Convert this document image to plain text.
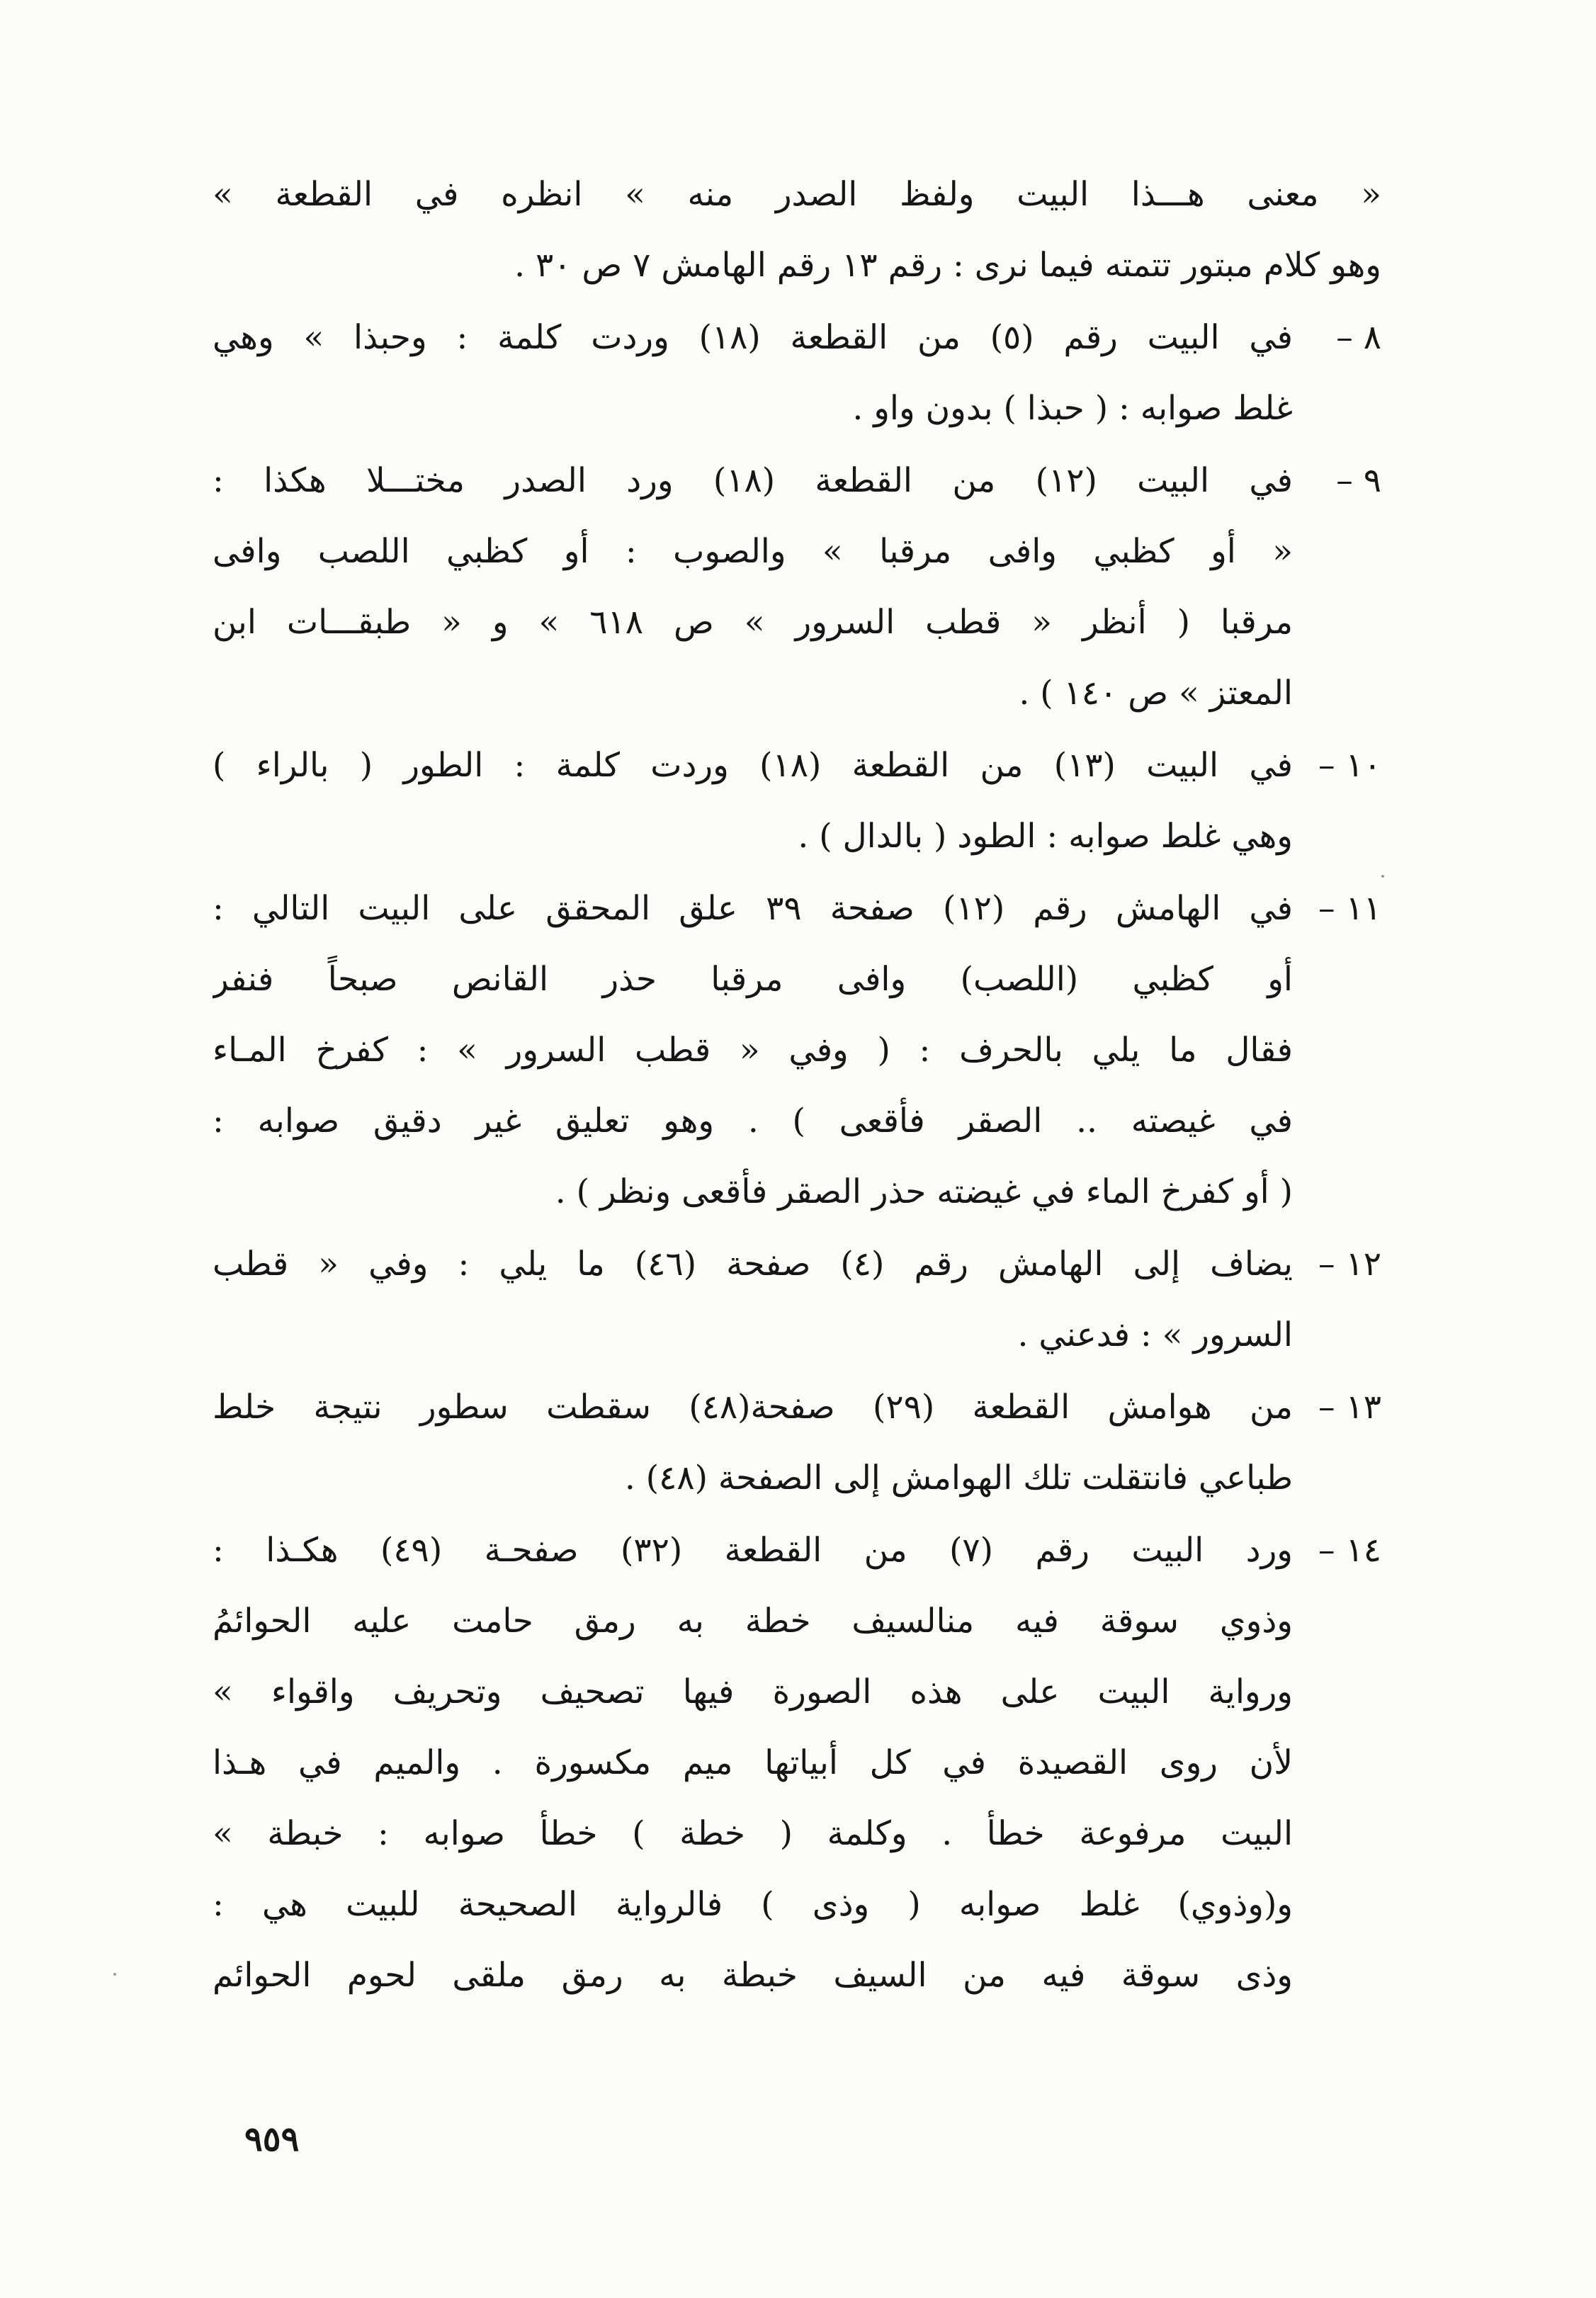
« معنى هـــذا البيت ولفظ الصدر منه » انظره في القطعة »
وهو كلام مبتور تتمته فيما نرى : رقم ١٣ رقم الهامش ٧ ص ٣٠ .
٨ –
في البيت رقم (٥) من القطعة (١٨) وردت كلمة : وحبذا » وهي
غلط صوابه : ( حبذا ) بدون واو .
٩ –
في البيت (١٢) من القطعة (١٨) ورد الصدر مختـــلا هكذا :
« أو كظبي وافى مرقبا » والصوب : أو كظبي اللصب وافى
مرقبا ( أنظر « قطب السرور » ص ٦١٨ » و « طبقـــات ابن
المعتز » ص ١٤٠ ) .
١٠ –
في البيت (١٣) من القطعة (١٨) وردت كلمة : الطور ( بالراء )
وهي غلط صوابه : الطود ( بالدال ) .
١١ –
في الهامش رقم (١٢) صفحة ٣٩ علق المحقق على البيت التالي :
أو كظبي (اللصب) وافى مرقبا حذر القانص صبحاً فنفر
فقال ما يلي بالحرف : ( وفي « قطب السرور » : كفرخ المـاء
في غيصته .. الصقر فأقعى ) . وهو تعليق غير دقيق صوابه :
( أو كفرخ الماء في غيضته حذر الصقر فأقعى ونظر ) .
١٢ –
يضاف إلى الهامش رقم (٤) صفحة (٤٦) ما يلي : وفي « قطب
السرور » : فدعني .
١٣ –
من هوامش القطعة (٢٩) صفحة(٤٨) سقطت سطور نتيجة خلط
طباعي فانتقلت تلك الهوامش إلى الصفحة (٤٨) .
١٤ –
ورد البيت رقم (٧) من القطعة (٣٢) صفحـة (٤٩) هكـذا :
وذوي سوقة فيه منالسيف خطة به رمق حامت عليه الحوائمُ
ورواية البيت على هذه الصورة فيها تصحيف وتحريف واقواء »
لأن روى القصيدة في كل أبياتها ميم مكسورة . والميم في هـذا
البيت مرفوعة خطأ . وكلمة ( خطة ) خطأ صوابه : خبطة »
و(وذوي) غلط صوابه ( وذى ) فالرواية الصحيحة للبيت هي :
وذى سوقة فيه من السيف خبطة به رمق ملقى لحوم الحوائم
٩٥٩
